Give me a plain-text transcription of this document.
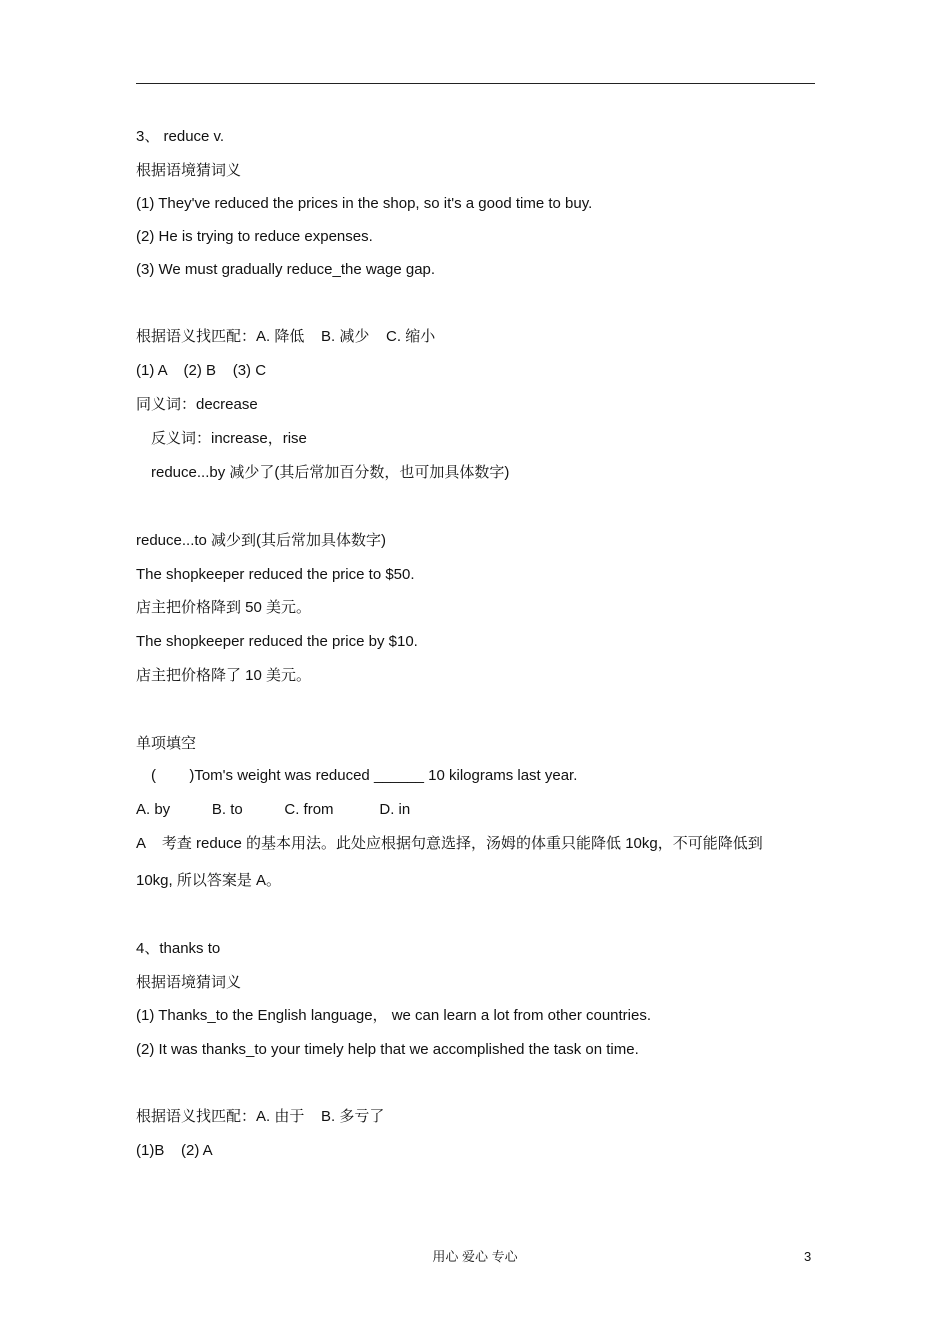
3、 reduce v.
根据语境猜词义
(1) They've reduced the prices in the shop, so it's a good time to buy.
(2) He is trying to reduce expenses.
(3) We must gradually reduce_the wage gap.
根据语义找匹配：A. 降低    B. 减少    C. 缩小
(1) A    (2) B    (3) C
同义词：decrease
反义词：increase，rise
reduce...by 减少了(其后常加百分数，也可加具体数字)
reduce...to 减少到(其后常加具体数字)
The shopkeeper reduced the price to $50.
店主把价格降到 50 美元。
The shopkeeper reduced the price by $10.
店主把价格降了 10 美元。
单项填空
(        )Tom's weight was reduced ______ 10 kilograms last year.
A. by          B. to          C. from           D. in
A    考查 reduce 的基本用法。此处应根据句意选择，汤姆的体重只能降低 10kg，不可能降低到
10kg, 所以答案是 A。
4、thanks to
根据语境猜词义
(1) Thanks_to the English language， we can learn a lot from other countries.
(2) It was thanks_to your timely help that we accomplished the task on time.
根据语义找匹配：A. 由于    B. 多亏了
(1)B    (2) A
用心 爱心 专心	3
